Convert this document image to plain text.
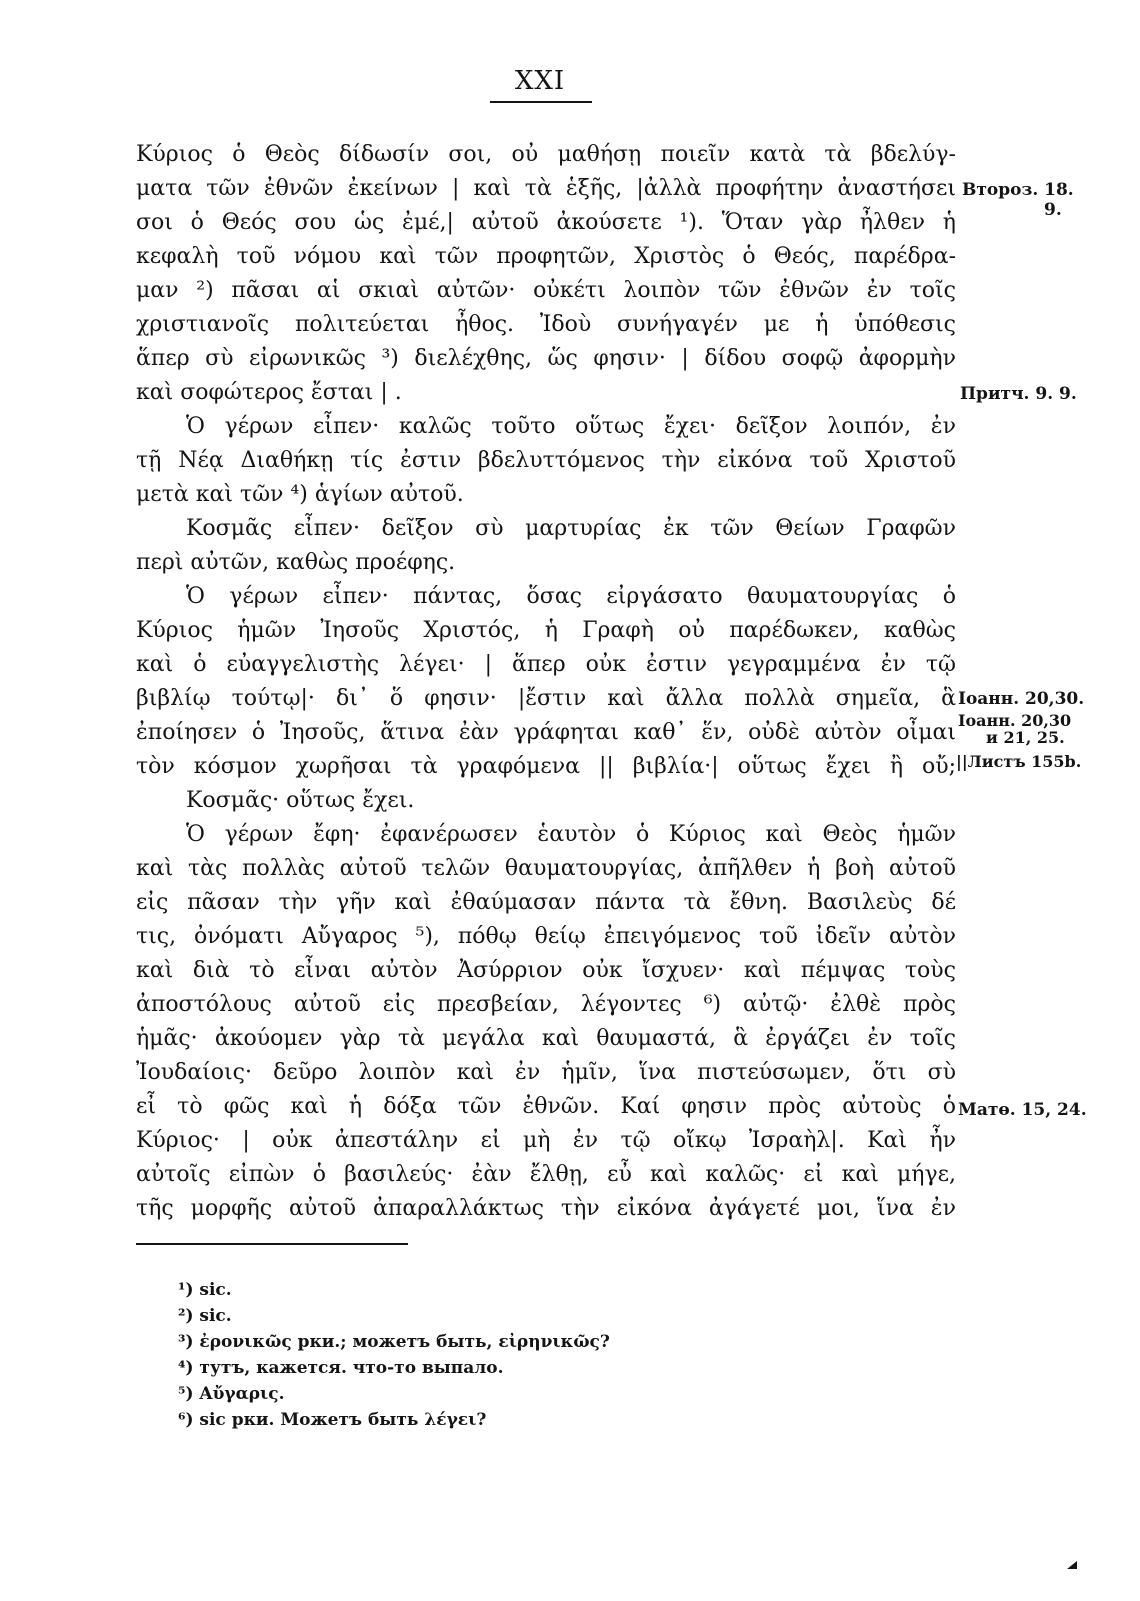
XXI
Κύριος ὁ Θεὸς δίδωσίν σοι, οὐ μαθήσῃ ποιεῖν κατὰ τὰ βδελύγ-
ματα τῶν ἐθνῶν ἐκείνων | καὶ τὰ ἑξῆς, |ἀλλὰ προφήτην ἀναστήσει
σοι ὁ Θεός σου ὡς ἐμέ,| αὐτοῦ ἀκούσετε ¹). Ὅταν γὰρ ἦλθεν ἡ
κεφαλὴ τοῦ νόμου καὶ τῶν προφητῶν, Χριστὸς ὁ Θεός, παρέδρα-
μαν ²) πᾶσαι αἱ σκιαὶ αὐτῶν· οὐκέτι λοιπὸν τῶν ἐθνῶν ἐν τοῖς
χριστιανοῖς πολιτεύεται ἦθος. Ἰδοὺ συνήγαγέν με ἡ ὑπόθεσις
ἅπερ σὺ εἰρωνικῶς ³) διελέχθης, ὥς φησιν· | δίδου σοφῷ ἀφορμὴν
καὶ σοφώτερος ἔσται | .
Ὁ γέρων εἶπεν· καλῶς τοῦτο οὕτως ἔχει· δεῖξον λοιπόν, ἐν
τῇ Νέᾳ Διαθήκῃ τίς ἐστιν βδελυττόμενος τὴν εἰκόνα τοῦ Χριστοῦ
μετὰ καὶ τῶν ⁴) ἁγίων αὐτοῦ.
Κοσμᾶς εἶπεν· δεῖξον σὺ μαρτυρίας ἐκ τῶν Θείων Γραφῶν
περὶ αὐτῶν, καθὼς προέφης.
Ὁ γέρων εἶπεν· πάντας, ὅσας εἰργάσατο θαυματουργίας ὁ
Κύριος ἡμῶν Ἰησοῦς Χριστός, ἡ Γραφὴ οὐ παρέδωκεν, καθὼς
καὶ ὁ εὐαγγελιστὴς λέγει· | ἅπερ οὐκ ἐστιν γεγραμμένα ἐν τῷ
βιβλίῳ τούτῳ|· δι᾽ ὅ φησιν· |ἔστιν καὶ ἄλλα πολλὰ σημεῖα, ἃ
ἐποίησεν ὁ Ἰησοῦς, ἅτινα ἐὰν γράφηται καθ᾽ ἕν, οὐδὲ αὐτὸν οἶμαι
τὸν κόσμον χωρῆσαι τὰ γραφόμενα || βιβλία·| οὕτως ἔχει ἢ οὔ;
Κοσμᾶς· οὕτως ἔχει.
Ὁ γέρων ἔφη· ἐφανέρωσεν ἑαυτὸν ὁ Κύριος καὶ Θεὸς ἡμῶν
καὶ τὰς πολλὰς αὐτοῦ τελῶν θαυματουργίας, ἀπῆλθεν ἡ βοὴ αὐτοῦ
εἰς πᾶσαν τὴν γῆν καὶ ἐθαύμασαν πάντα τὰ ἔθνη. Βασιλεὺς δέ
τις, ὀνόματι Αὔγαρος ⁵), πόθῳ θείῳ ἐπειγόμενος τοῦ ἰδεῖν αὐτὸν
καὶ διὰ τὸ εἶναι αὐτὸν Ἀσύρριον οὐκ ἴσχυεν· καὶ πέμψας τοὺς
ἀποστόλους αὐτοῦ εἰς πρεσβείαν, λέγοντες ⁶) αὐτῷ· ἐλθὲ πρὸς
ἡμᾶς· ἀκούομεν γὰρ τὰ μεγάλα καὶ θαυμαστά, ἃ ἐργάζει ἐν τοῖς
Ἰουδαίοις· δεῦρο λοιπὸν καὶ ἐν ἡμῖν, ἵνα πιστεύσωμεν, ὅτι σὺ
εἶ τὸ φῶς καὶ ἡ δόξα τῶν ἐθνῶν. Καί φησιν πρὸς αὐτοὺς ὁ
Κύριος· | οὐκ ἀπεστάλην εἰ μὴ ἐν τῷ οἴκῳ Ἰσραὴλ|. Καὶ ἦν
αὐτοῖς εἰπὼν ὁ βασιλεύς· ἐὰν ἔλθῃ, εὖ καὶ καλῶς· εἰ καὶ μήγε,
τῆς μορφῆς αὐτοῦ ἀπαραλλάκτως τὴν εἰκόνα ἀγάγετέ μοι, ἵνα ἐν
Второз. 18.
9.
Притч. 9. 9.
Іоанн. 20,30.
Іоанн. 20,30
и 21, 25.
||Листъ 155b.
Матө. 15, 24.
¹) sic.
²) sic.
³) ἐρονικῶς рки.; можетъ быть, εἰρηνικῶς?
⁴) тутъ, кажется. что-то выпало.
⁵) Αὔγαρις.
⁶) sic рки. Можетъ быть λέγει?
